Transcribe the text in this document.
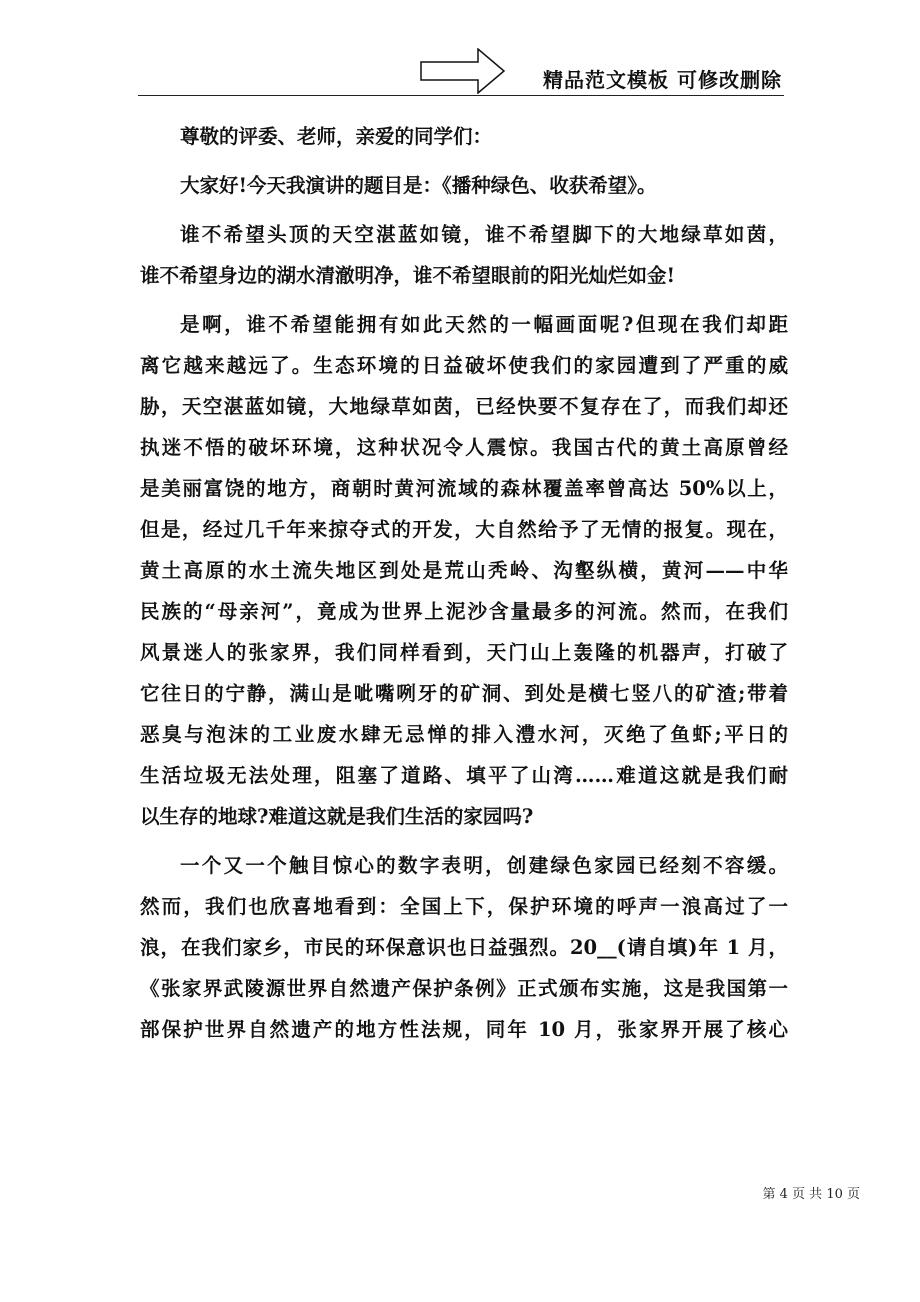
精品范文模板 可修改删除
尊敬的评委、老师，亲爱的同学们：
大家好!今天我演讲的题目是：《播种绿色、收获希望》。
谁不希望头顶的天空湛蓝如镜，谁不希望脚下的大地绿草如茵，
谁不希望身边的湖水清澈明净，谁不希望眼前的阳光灿烂如金!
是啊，谁不希望能拥有如此天然的一幅画面呢?但现在我们却距
离它越来越远了。生态环境的日益破坏使我们的家园遭到了严重的威
胁，天空湛蓝如镜，大地绿草如茵，已经快要不复存在了，而我们却还
执迷不悟的破坏环境，这种状况令人震惊。我国古代的黄土高原曾经
是美丽富饶的地方，商朝时黄河流域的森林覆盖率曾高达 50%以上，
但是，经过几千年来掠夺式的开发，大自然给予了无情的报复。现在，
黄土高原的水土流失地区到处是荒山秃岭、沟壑纵横，黄河——中华
民族的“母亲河”，竟成为世界上泥沙含量最多的河流。然而，在我们
风景迷人的张家界，我们同样看到，天门山上轰隆的机器声，打破了
它往日的宁静，满山是呲嘴咧牙的矿洞、到处是横七竖八的矿渣;带着
恶臭与泡沫的工业废水肆无忌惮的排入澧水河，灭绝了鱼虾;平日的
生活垃圾无法处理，阻塞了道路、填平了山湾……难道这就是我们耐
以生存的地球?难道这就是我们生活的家园吗?
一个又一个触目惊心的数字表明，创建绿色家园已经刻不容缓。
然而，我们也欣喜地看到：全国上下，保护环境的呼声一浪高过了一
浪，在我们家乡，市民的环保意识也日益强烈。20__(请自填)年 1 月，
《张家界武陵源世界自然遗产保护条例》正式颁布实施，这是我国第一
部保护世界自然遗产的地方性法规，同年 10 月，张家界开展了核心
第 4 页 共 10 页
